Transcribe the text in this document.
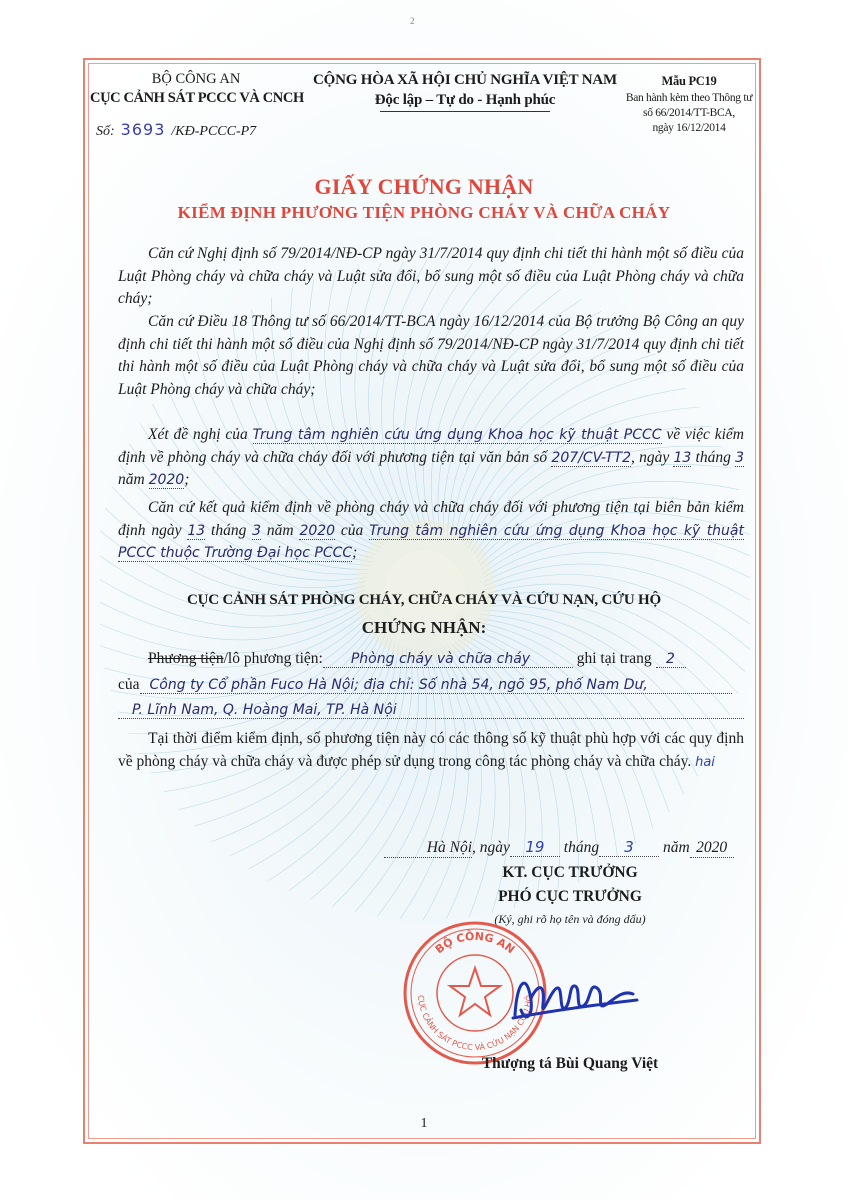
2
BỘ CÔNG AN
CỤC CẢNH SÁT PCCC VÀ CNCH
Số: 3693 /KĐ-PCCC-P7
CỘNG HÒA XÃ HỘI CHỦ NGHĨA VIỆT NAM
Độc lập – Tự do - Hạnh phúc
Mẫu PC19
Ban hành kèm theo Thông tư
số 66/2014/TT-BCA,
ngày 16/12/2014
GIẤY CHỨNG NHẬN
KIỂM ĐỊNH PHƯƠNG TIỆN PHÒNG CHÁY VÀ CHỮA CHÁY
Căn cứ Nghị định số 79/2014/NĐ-CP ngày 31/7/2014 quy định chi tiết thi hành một số điều của Luật Phòng cháy và chữa cháy và Luật sửa đổi, bổ sung một số điều của Luật Phòng cháy và chữa cháy;
Căn cứ Điều 18 Thông tư số 66/2014/TT-BCA ngày 16/12/2014 của Bộ trưởng Bộ Công an quy định chi tiết thi hành một số điều của Nghị định số 79/2014/NĐ-CP ngày 31/7/2014 quy định chi tiết thi hành một số điều của Luật Phòng cháy và chữa cháy và Luật sửa đổi, bổ sung một số điều của Luật Phòng cháy và chữa cháy;
Xét đề nghị của Trung tâm nghiên cứu ứng dụng Khoa học kỹ thuật PCCC về việc kiểm định về phòng cháy và chữa cháy đối với phương tiện tại văn bản số 207/CV-TT2, ngày 13 tháng 3 năm 2020;
Căn cứ kết quả kiểm định về phòng cháy và chữa cháy đối với phương tiện tại biên bản kiểm định ngày 13 tháng 3 năm 2020 của Trung tâm nghiên cứu ứng dụng Khoa học kỹ thuật PCCC thuộc Trường Đại học PCCC;
CỤC CẢNH SÁT PHÒNG CHÁY, CHỮA CHÁY VÀ CỨU NẠN, CỨU HỘ
CHỨNG NHẬN:
Phương tiện/lô phương tiện: Phòng cháy và chữa cháy	ghi tại trang 2
của Công ty Cổ phần Fuco Hà Nội; địa chỉ: Số nhà 54, ngõ 95, phố Nam Dư,
P. Lĩnh Nam, Q. Hoàng Mai, TP. Hà Nội
Tại thời điểm kiểm định, số phương tiện này có các thông số kỹ thuật phù hợp với các quy định về phòng cháy và chữa cháy và được phép sử dụng trong công tác phòng cháy và chữa cháy. hai
Hà Nội, ngày 19 tháng 3 năm 2020
KT. CỤC TRƯỞNG
PHÓ CỤC TRƯỞNG
(Ký, ghi rõ họ tên và đóng dấu)
BỘ CÔNG AN
CỤC CẢNH SÁT PCCC VÀ CỨU NẠN CỨU HỘ
Thượng tá Bùi Quang Việt
1
